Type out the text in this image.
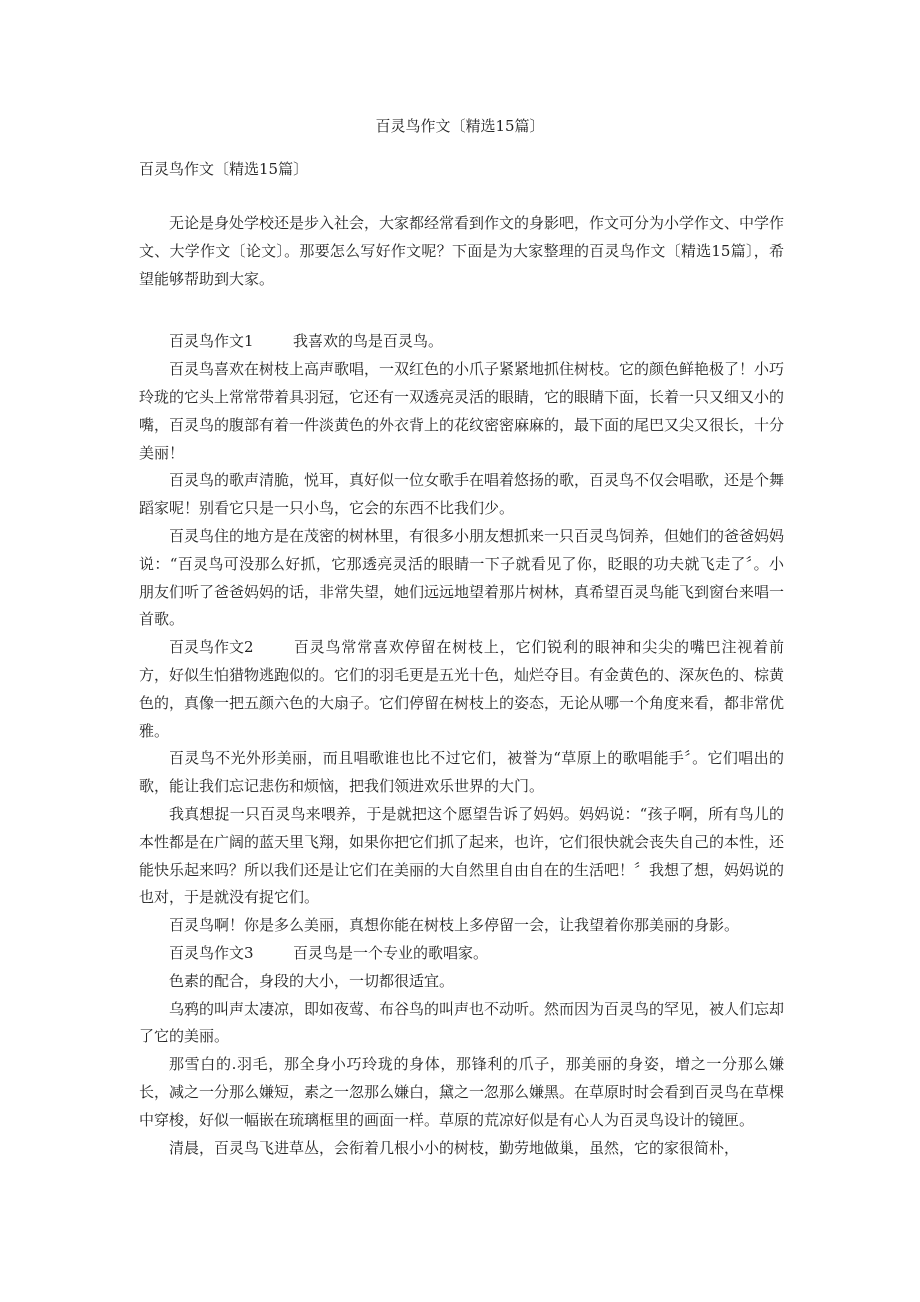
百灵鸟作文〔精选15篇〕
百灵鸟作文〔精选15篇〕

无论是身处学校还是步入社会，大家都经常看到作文的身影吧，作文可分为小学作文、中学作文、大学作文〔论文〕。那要怎么写好作文呢？下面是为大家整理的百灵鸟作文〔精选15篇〕，希望能够帮助到大家。

百灵鸟作文1	我喜欢的鸟是百灵鸟。

百灵鸟喜欢在树枝上高声歌唱，一双红色的小爪子紧紧地抓住树枝。它的颜色鲜艳极了！小巧玲珑的它头上常常带着具羽冠，它还有一双透亮灵活的眼睛，它的眼睛下面，长着一只又细又小的嘴，百灵鸟的腹部有着一件淡黄色的外衣背上的花纹密密麻麻的，最下面的尾巴又尖又很长，十分美丽！

百灵鸟的歌声清脆，悦耳，真好似一位女歌手在唱着悠扬的歌，百灵鸟不仅会唱歌，还是个舞蹈家呢！别看它只是一只小鸟，它会的东西不比我们少。

百灵鸟住的地方是在茂密的树林里，有很多小朋友想抓来一只百灵鸟饲养，但她们的爸爸妈妈说：“百灵鸟可没那么好抓，它那透亮灵活的眼睛一下子就看见了你，眨眼的功夫就飞走了〞。小朋友们听了爸爸妈妈的话，非常失望，她们远远地望着那片树林，真希望百灵鸟能飞到窗台来唱一首歌。

百灵鸟作文2	百灵鸟常常喜欢停留在树枝上，它们锐利的眼神和尖尖的嘴巴注视着前方，好似生怕猎物逃跑似的。它们的羽毛更是五光十色，灿烂夺目。有金黄色的、深灰色的、棕黄色的，真像一把五颜六色的大扇子。它们停留在树枝上的姿态，无论从哪一个角度来看，都非常优雅。

百灵鸟不光外形美丽，而且唱歌谁也比不过它们，被誉为“草原上的歌唱能手〞。它们唱出的歌，能让我们忘记悲伤和烦恼，把我们领进欢乐世界的大门。

我真想捉一只百灵鸟来喂养，于是就把这个愿望告诉了妈妈。妈妈说：“孩子啊，所有鸟儿的本性都是在广阔的蓝天里飞翔，如果你把它们抓了起来，也许，它们很快就会丧失自己的本性，还能快乐起来吗？所以我们还是让它们在美丽的大自然里自由自在的生活吧！〞我想了想，妈妈说的也对，于是就没有捉它们。

百灵鸟啊！你是多么美丽，真想你能在树枝上多停留一会，让我望着你那美丽的身影。

百灵鸟作文3	百灵鸟是一个专业的歌唱家。

色素的配合，身段的大小，一切都很适宜。

乌鸦的叫声太凄凉，即如夜莺、布谷鸟的叫声也不动听。然而因为百灵鸟的罕见，被人们忘却了它的美丽。

那雪白的.羽毛，那全身小巧玲珑的身体，那锋利的爪子，那美丽的身姿，增之一分那么嫌长，减之一分那么嫌短，素之一忽那么嫌白，黛之一忽那么嫌黑。在草原时时会看到百灵鸟在草棵中穿梭，好似一幅嵌在琉璃框里的画面一样。草原的荒凉好似是有心人为百灵鸟设计的镜匣。

清晨，百灵鸟飞进草丛，会衔着几根小小的树枝，勤劳地做巢，虽然，它的家很简朴，
